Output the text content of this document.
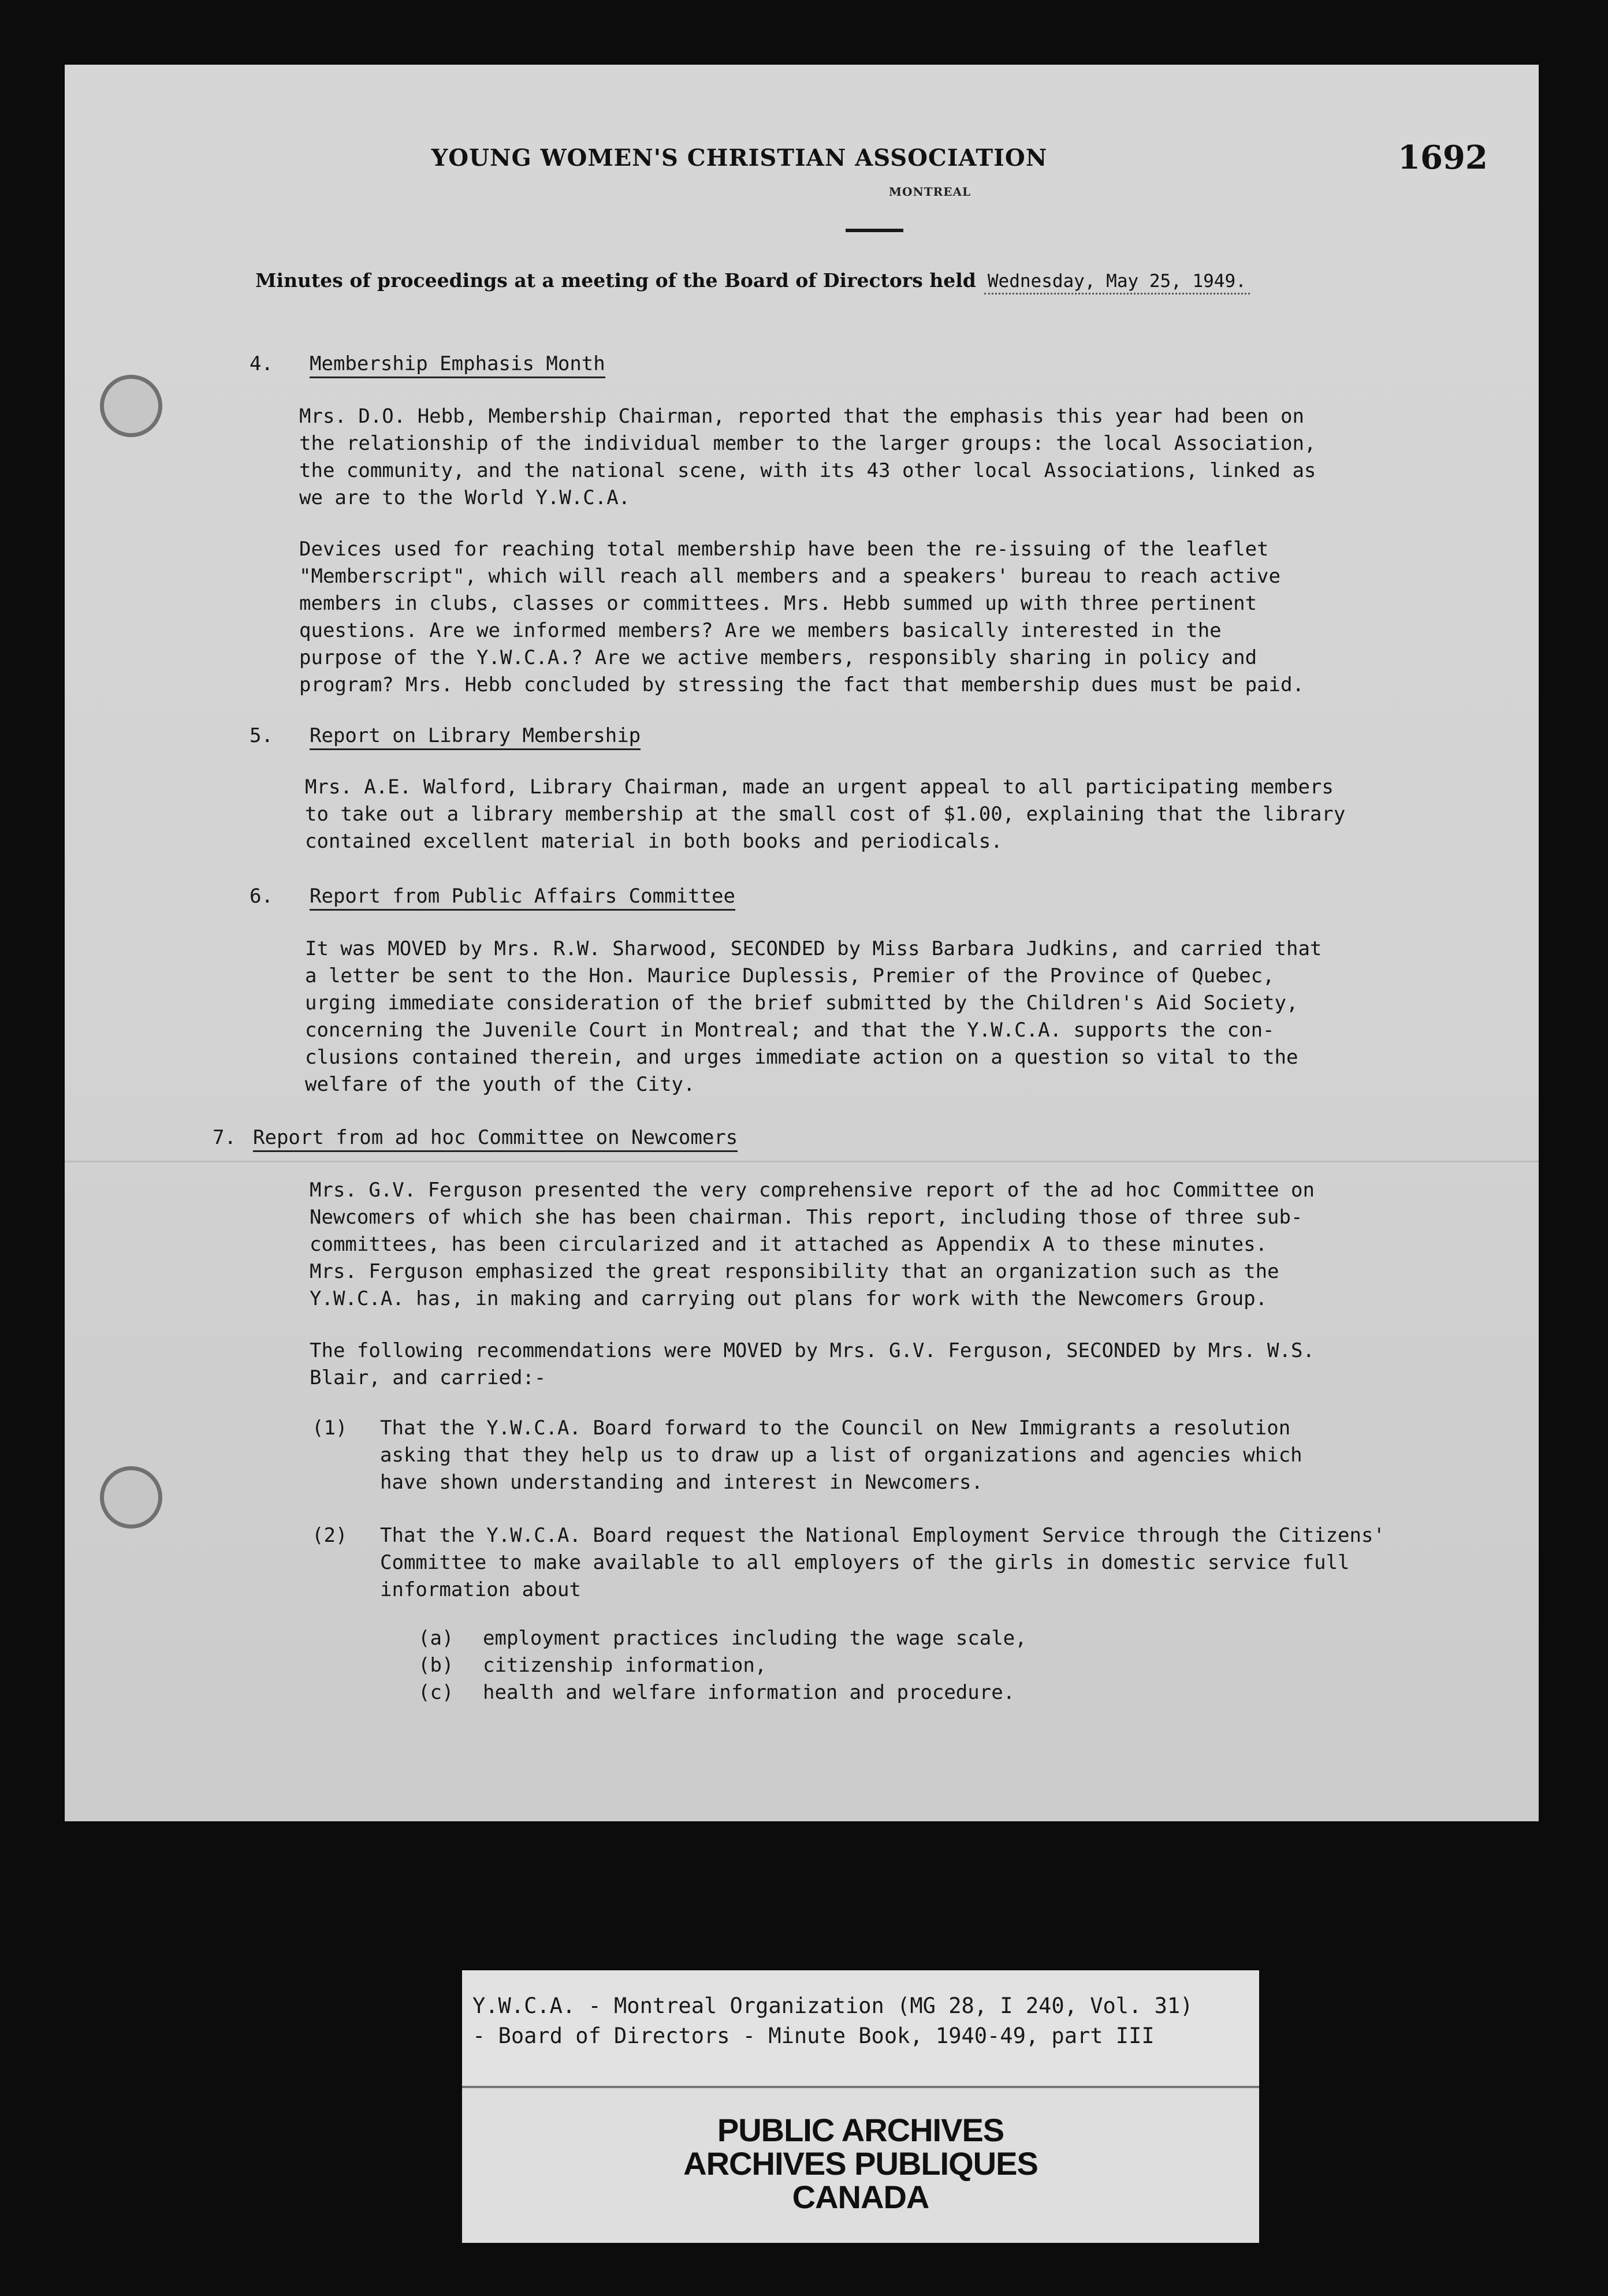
YOUNG WOMEN'S CHRISTIAN ASSOCIATION
MONTREAL
1692
Minutes of proceedings at a meeting of the Board of Directors held Wednesday, May 25, 1949.
4. Membership Emphasis Month
Mrs. D.O. Hebb, Membership Chairman, reported that the emphasis this year had been on
the relationship of the individual member to the larger groups: the local Association,
the community, and the national scene, with its 43 other local Associations, linked as
we are to the World Y.W.C.A.
Devices used for reaching total membership have been the re-issuing of the leaflet
"Memberscript", which will reach all members and a speakers' bureau to reach active
members in clubs, classes or committees. Mrs. Hebb summed up with three pertinent
questions. Are we informed members? Are we members basically interested in the
purpose of the Y.W.C.A.? Are we active members, responsibly sharing in policy and
program? Mrs. Hebb concluded by stressing the fact that membership dues must be paid.
5. Report on Library Membership
Mrs. A.E. Walford, Library Chairman, made an urgent appeal to all participating members
to take out a library membership at the small cost of $1.00, explaining that the library
contained excellent material in both books and periodicals.
6. Report from Public Affairs Committee
It was MOVED by Mrs. R.W. Sharwood, SECONDED by Miss Barbara Judkins, and carried that
a letter be sent to the Hon. Maurice Duplessis, Premier of the Province of Quebec,
urging immediate consideration of the brief submitted by the Children's Aid Society,
concerning the Juvenile Court in Montreal; and that the Y.W.C.A. supports the con-
clusions contained therein, and urges immediate action on a question so vital to the
welfare of the youth of the City.
7. Report from ad hoc Committee on Newcomers
Mrs. G.V. Ferguson presented the very comprehensive report of the ad hoc Committee on
Newcomers of which she has been chairman. This report, including those of three sub-
committees, has been circularized and it attached as Appendix A to these minutes.
Mrs. Ferguson emphasized the great responsibility that an organization such as the
Y.W.C.A. has, in making and carrying out plans for work with the Newcomers Group.
The following recommendations were MOVED by Mrs. G.V. Ferguson, SECONDED by Mrs. W.S.
Blair, and carried:-
(1) That the Y.W.C.A. Board forward to the Council on New Immigrants a resolution
asking that they help us to draw up a list of organizations and agencies which
have shown understanding and interest in Newcomers.
(2) That the Y.W.C.A. Board request the National Employment Service through the Citizens'
Committee to make available to all employers of the girls in domestic service full
information about
(a) employment practices including the wage scale,
(b) citizenship information,
(c) health and welfare information and procedure.
Y.W.C.A. - Montreal Organization (MG 28, I 240, Vol. 31)
- Board of Directors - Minute Book, 1940-49, part III
PUBLIC ARCHIVES
ARCHIVES PUBLIQUES
CANADA
